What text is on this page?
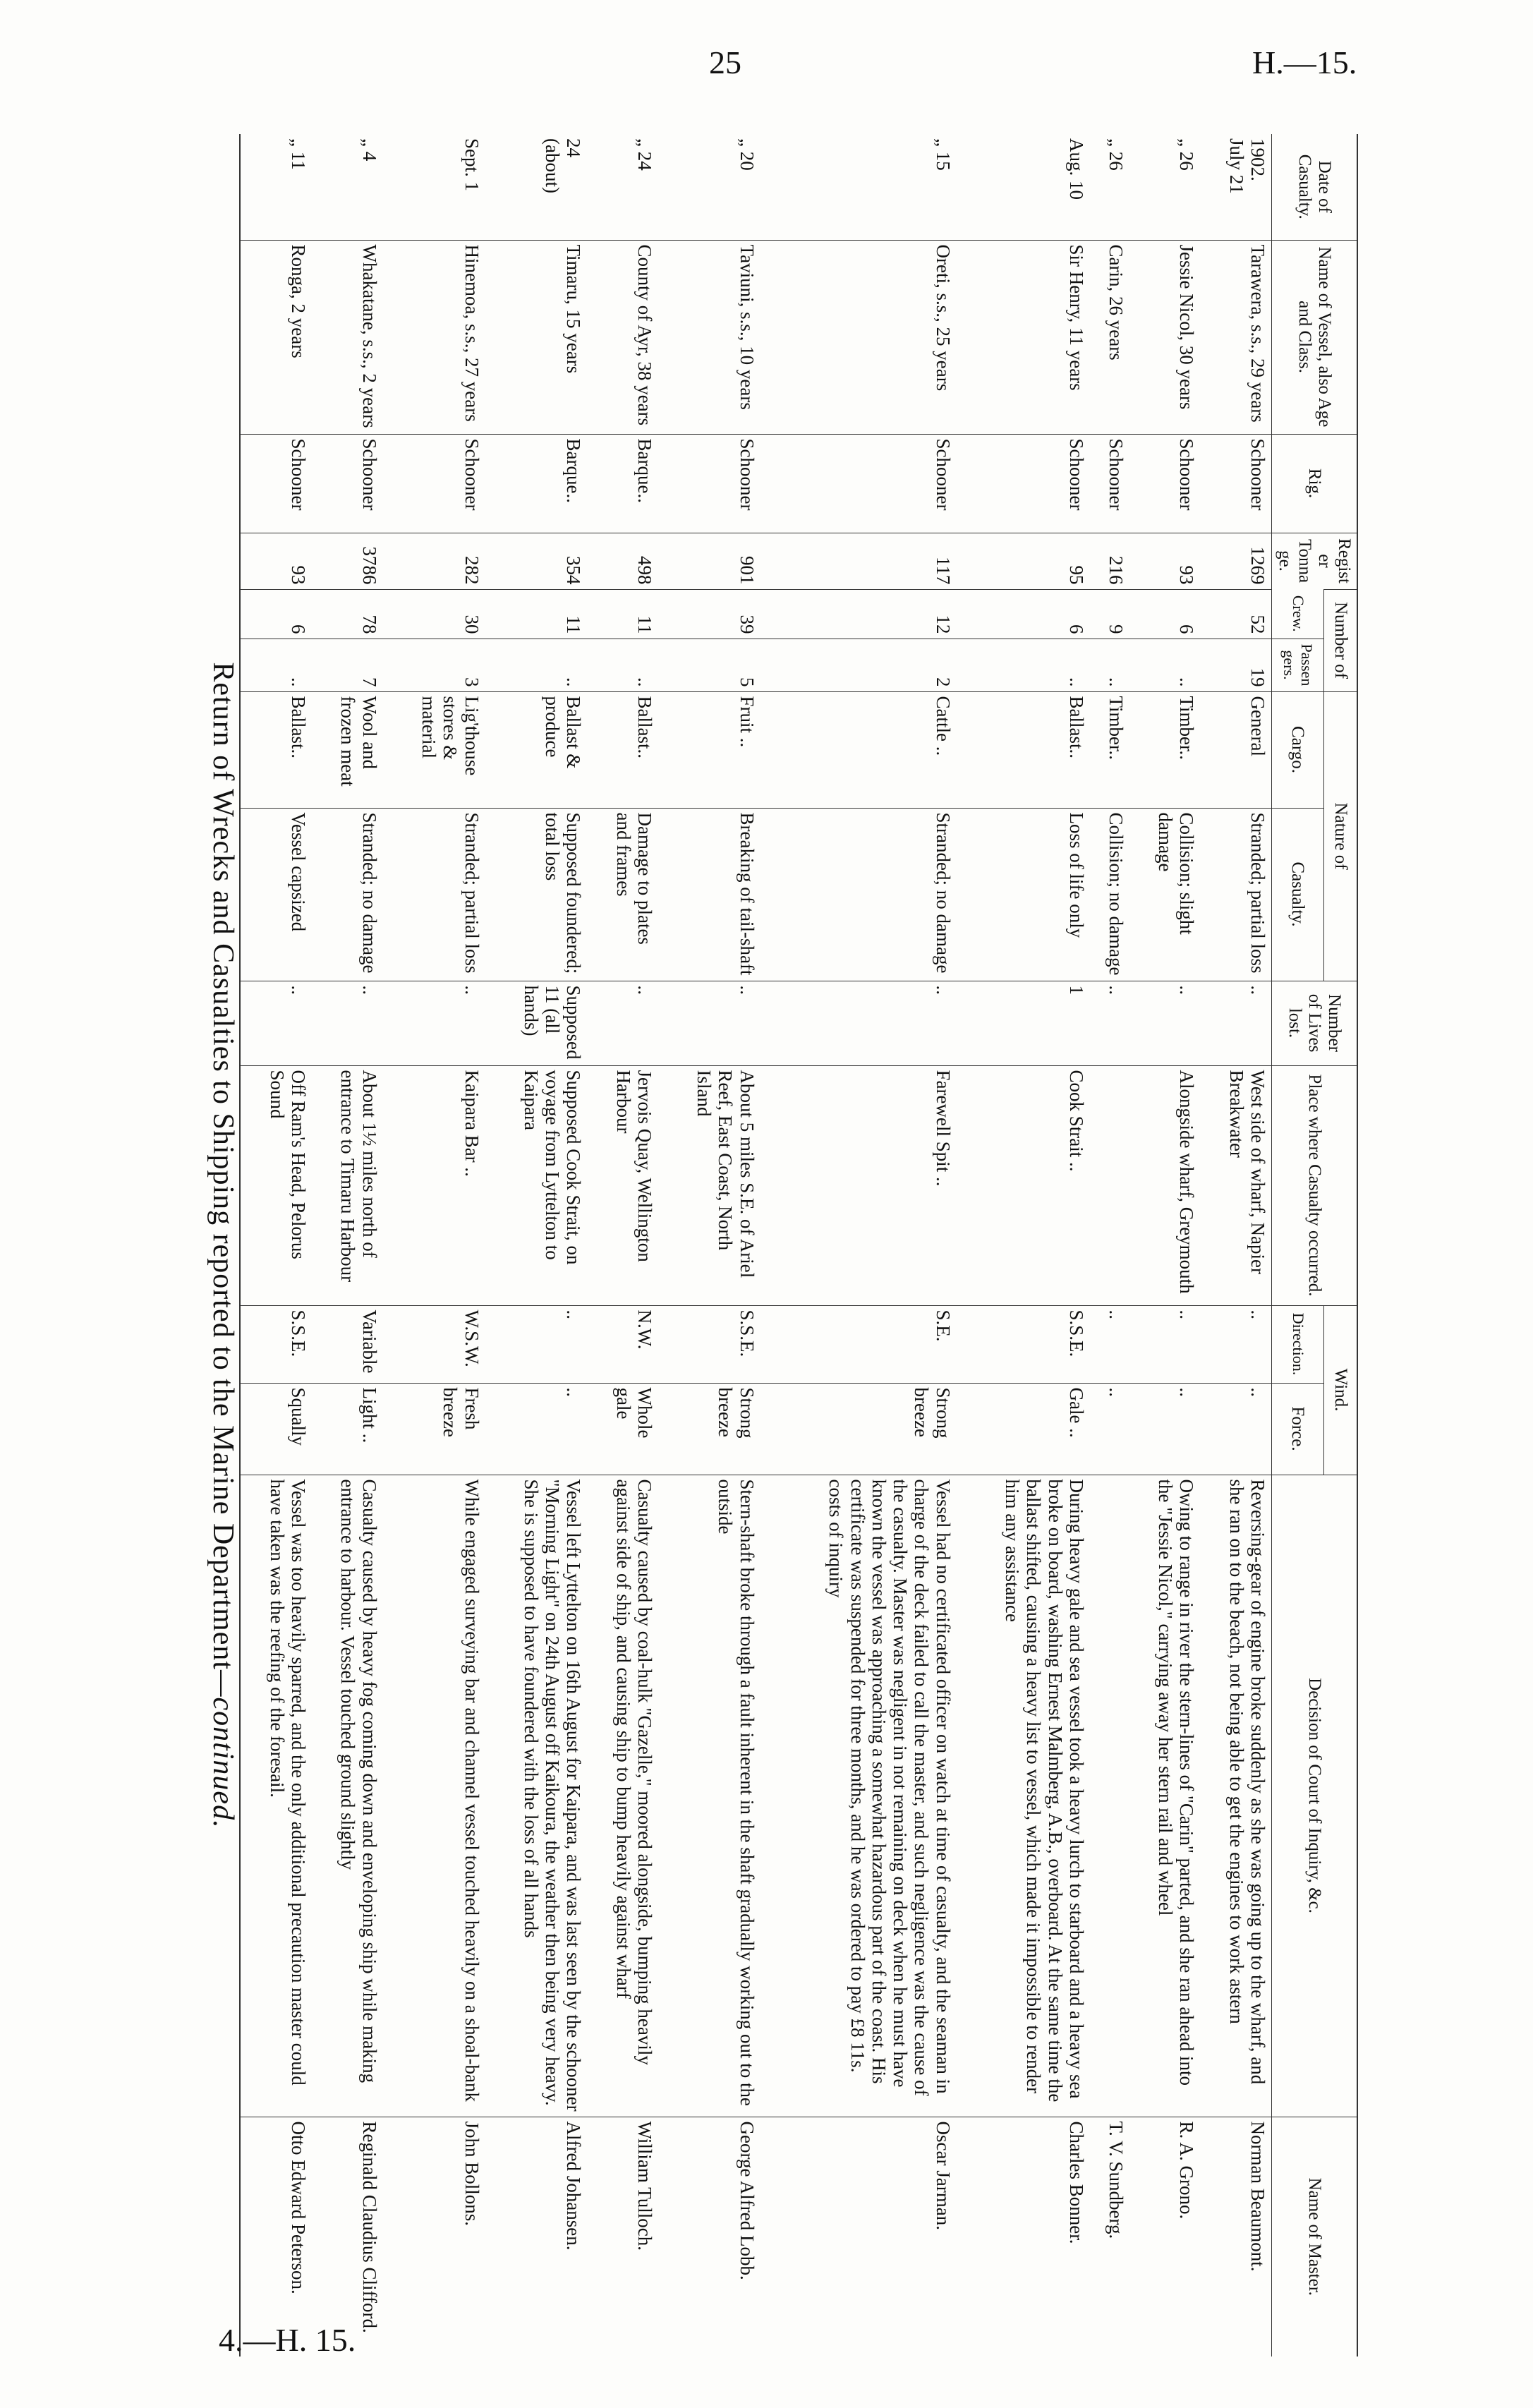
25	H.—15.
Date of Casualty.	Name of Vessel, also Age and Class.	Rig.	Register Tonnage.	Number of		Nature of		Number of Lives lost.	Place where Casualty occurred.	Wind.		Decision of Court of Inquiry, &c.	Name of Master.
				Crew.	Passengers.	Cargo.	Casualty.			Direction.	Force.		
1902.
July 21	Tarawera, s.s., 29 years	Schooner	1269	52	19	General	Stranded; partial loss	..	West side of wharf, Napier Breakwater	..	..	Reversing-gear of engine broke suddenly as she was going up to the wharf, and she ran on to the beach, not being able to get the engines to work astern	Norman Beaumont.
„ 26	Jessie Nicol, 30 years	Schooner	93	6	..	Timber..	Collision; slight damage	..	Alongside wharf, Greymouth	..	..	Owing to range in river the stern-lines of "Carin" parted, and she ran ahead into the "Jessie Nicol," carrying away her stern rail and wheel	R. A. Grono.
„ 26	Carin, 26 years	Schooner	216	9	..	Timber..	Collision; no damage	..		..	..		T. V. Sundberg.
Aug. 10	Sir Henry, 11 years	Schooner	95	6	..	Ballast..	Loss of life only	1	Cook Strait ..	S.S.E.	Gale ..	During heavy gale and sea vessel took a heavy lurch to starboard and a heavy sea broke on board, washing Ernest Malmberg, A.B., overboard. At the same time the ballast shifted, causing a heavy list to vessel, which made it impossible to render him any assistance	Charles Bonner.
„ 15	Oreti, s.s., 25 years	Schooner	117	12	2	Cattle ..	Stranded; no damage	..	Farewell Spit ..	S.E.	Strong breeze	Vessel had no certificated officer on watch at time of casualty, and the seaman in charge of the deck failed to call the master, and such negligence was the cause of the casualty. Master was negligent in not remaining on deck when he must have known the vessel was approaching a somewhat hazardous part of the coast. His certificate was suspended for three months, and he was ordered to pay £8 11s. costs of inquiry	Oscar Jarman.
„ 20	Taviuni, s.s., 10 years	Schooner	901	39	5	Fruit ..	Breaking of tail-shaft	..	About 5 miles S.E. of Ariel Reef, East Coast, North Island	S.S.E.	Strong breeze	Stern-shaft broke through a fault inherent in the shaft gradually working out to the outside	George Alfred Lobb.
„ 24	County of Ayr, 38 years	Barque..	498	11	..	Ballast..	Damage to plates and frames	..	Jervois Quay, Wellington Harbour	N.W.	Whole gale	Casualty caused by coal-hulk "Gazelle," moored alongside, bumping heavily against side of ship, and causing ship to bump heavily against wharf	William Tulloch.
24
(about)	Timaru, 15 years	Barque..	354	11	..	Ballast & produce	Supposed foundered; total loss	Supposed 11 (all hands)	Supposed Cook Strait, on voyage from Lyttelton to Kaipara	..	..	Vessel left Lyttelton on 16th August for Kaipara, and was last seen by the schooner "Morning Light" on 24th August off Kaikoura, the weather then being very heavy. She is supposed to have foundered with the loss of all hands	Alfred Johansen.
Sept. 1	Hinemoa, s.s., 27 years	Schooner	282	30	3	Lig'thouse stores & material	Stranded; partial loss	..	Kaipara Bar ..	W.S.W.	Fresh breeze	While engaged surveying bar and channel vessel touched heavily on a shoal-bank	John Bollons.
„ 4	Whakatane, s.s., 2 years	Schooner	3786	78	7	Wool and frozen meat	Stranded; no damage	..	About 1½ miles north of entrance to Timaru Harbour	Variable	Light ..	Casualty caused by heavy fog coming down and enveloping ship while making entrance to harbour. Vessel touched ground slightly	Reginald Claudius Clifford.
„ 11	Ronga, 2 years	Schooner	93	6	..	Ballast..	Vessel capsized	..	Off Ram's Head, Pelorus Sound	S.S.E.	Squally	Vessel was too heavily sparred, and the only additional precaution master could have taken was the reefing of the foresail.	Otto Edward Peterson.
Return of Wrecks and Casualties to Shipping reported to the Marine Department—continued.
4.—H. 15.
